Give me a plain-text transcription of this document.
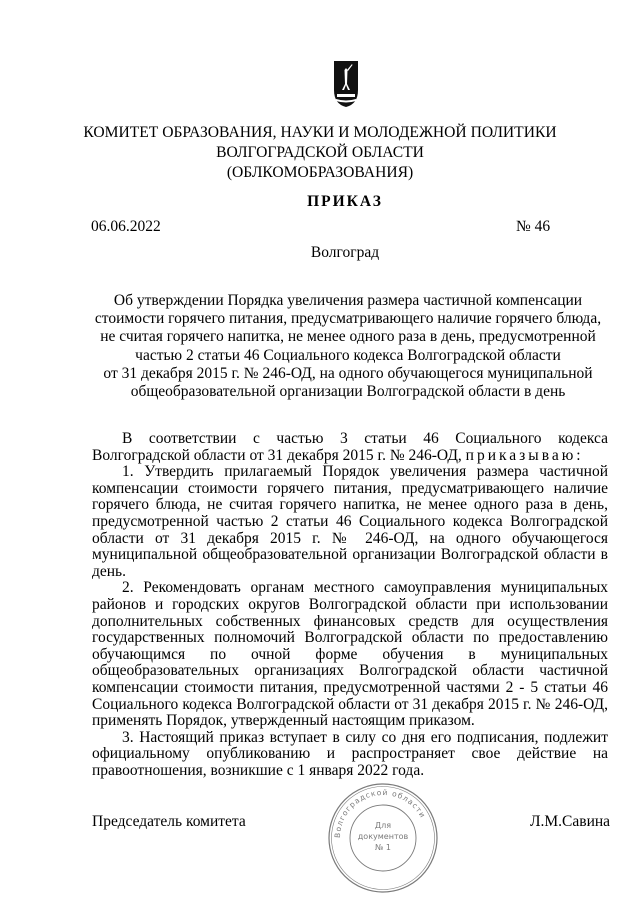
КОМИТЕТ ОБРАЗОВАНИЯ, НАУКИ И МОЛОДЕЖНОЙ ПОЛИТИКИ
ВОЛГОГРАДСКОЙ ОБЛАСТИ
(ОБЛКОМОБРАЗОВАНИЯ)
ПРИКАЗ
06.06.2022	№ 46
Волгоград
Об утверждении Порядка увеличения размера частичной компенсации
стоимости горячего питания, предусматривающего наличие горячего блюда,
не считая горячего напитка, не менее одного раза в день, предусмотренной
частью 2 статьи 46 Социального кодекса Волгоградской области
от 31 декабря 2015 г. № 246-ОД, на одного обучающегося муниципальной
общеобразовательной организации Волгоградской области в день

В соответствии с частью 3 статьи 46 Социального кодекса Волгоградской области от 31 декабря 2015 г. № 246-ОД, приказываю:

1. Утвердить прилагаемый Порядок увеличения размера частичной компенсации стоимости горячего питания, предусматривающего наличие горячего блюда, не считая горячего напитка, не менее одного раза в день, предусмотренной частью 2 статьи 46 Социального кодекса Волгоградской области от 31 декабря 2015 г. № 246-ОД, на одного обучающегося муниципальной общеобразовательной организации Волгоградской области в день.

2. Рекомендовать органам местного самоуправления муниципальных районов и городских округов Волгоградской области при использовании дополнительных собственных финансовых средств для осуществления государственных полномочий Волгоградской области по предоставлению обучающимся по очной форме обучения в муниципальных общеобразовательных организациях Волгоградской области частичной компенсации стоимости питания, предусмотренной частями 2 - 5 статьи 46 Социального кодекса Волгоградской области от 31 декабря 2015 г. № 246-ОД, применять Порядок, утвержденный настоящим приказом.

3. Настоящий приказ вступает в силу со дня его подписания, подлежит официальному опубликованию и распространяет свое действие на правоотношения, возникшие с 1 января 2022 года.

Председатель комитета	Л.М.Савина
Волгоградской области
Для
документов
№ 1
